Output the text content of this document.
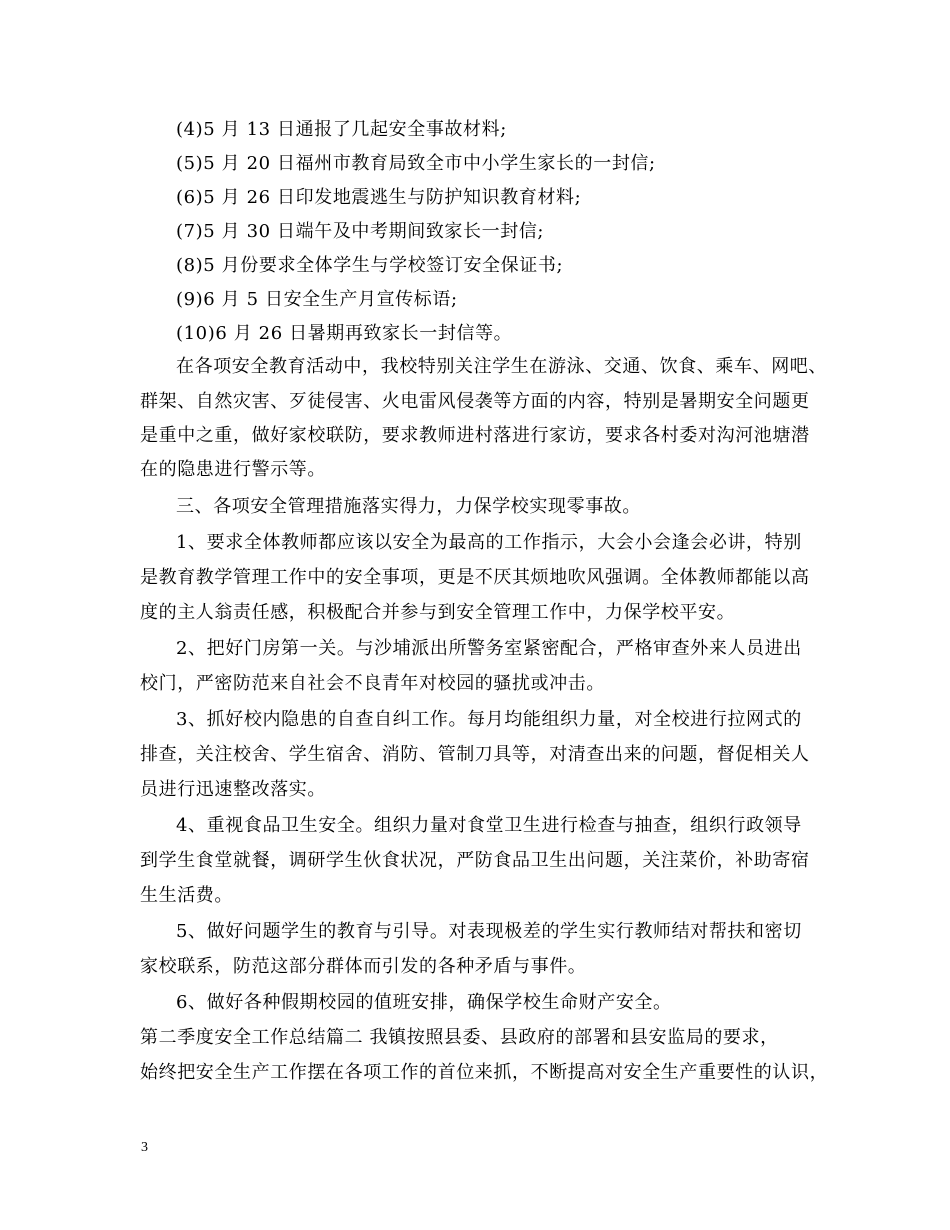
(4)5 月 13 日通报了几起安全事故材料;
(5)5 月 20 日福州市教育局致全市中小学生家长的一封信;
(6)5 月 26 日印发地震逃生与防护知识教育材料;
(7)5 月 30 日端午及中考期间致家长一封信;
(8)5 月份要求全体学生与学校签订安全保证书;
(9)6 月 5 日安全生产月宣传标语;
(10)6 月 26 日暑期再致家长一封信等。
在各项安全教育活动中，我校特别关注学生在游泳、交通、饮食、乘车、网吧、
群架、自然灾害、歹徒侵害、火电雷风侵袭等方面的内容，特别是暑期安全问题更
是重中之重，做好家校联防，要求教师进村落进行家访，要求各村委对沟河池塘潜
在的隐患进行警示等。
三、各项安全管理措施落实得力，力保学校实现零事故。
1、要求全体教师都应该以安全为最高的工作指示，大会小会逢会必讲，特别
是教育教学管理工作中的安全事项，更是不厌其烦地吹风强调。全体教师都能以高
度的主人翁责任感，积极配合并参与到安全管理工作中，力保学校平安。
2、把好门房第一关。与沙埔派出所警务室紧密配合，严格审查外来人员进出
校门，严密防范来自社会不良青年对校园的骚扰或冲击。
3、抓好校内隐患的自查自纠工作。每月均能组织力量，对全校进行拉网式的
排查，关注校舍、学生宿舍、消防、管制刀具等，对清查出来的问题，督促相关人
员进行迅速整改落实。
4、重视食品卫生安全。组织力量对食堂卫生进行检查与抽查，组织行政领导
到学生食堂就餐，调研学生伙食状况，严防食品卫生出问题，关注菜价，补助寄宿
生生活费。
5、做好问题学生的教育与引导。对表现极差的学生实行教师结对帮扶和密切
家校联系，防范这部分群体而引发的各种矛盾与事件。
6、做好各种假期校园的值班安排，确保学校生命财产安全。
第二季度安全工作总结篇二 我镇按照县委、县政府的部署和县安监局的要求，
始终把安全生产工作摆在各项工作的首位来抓，不断提高对安全生产重要性的认识，
3
